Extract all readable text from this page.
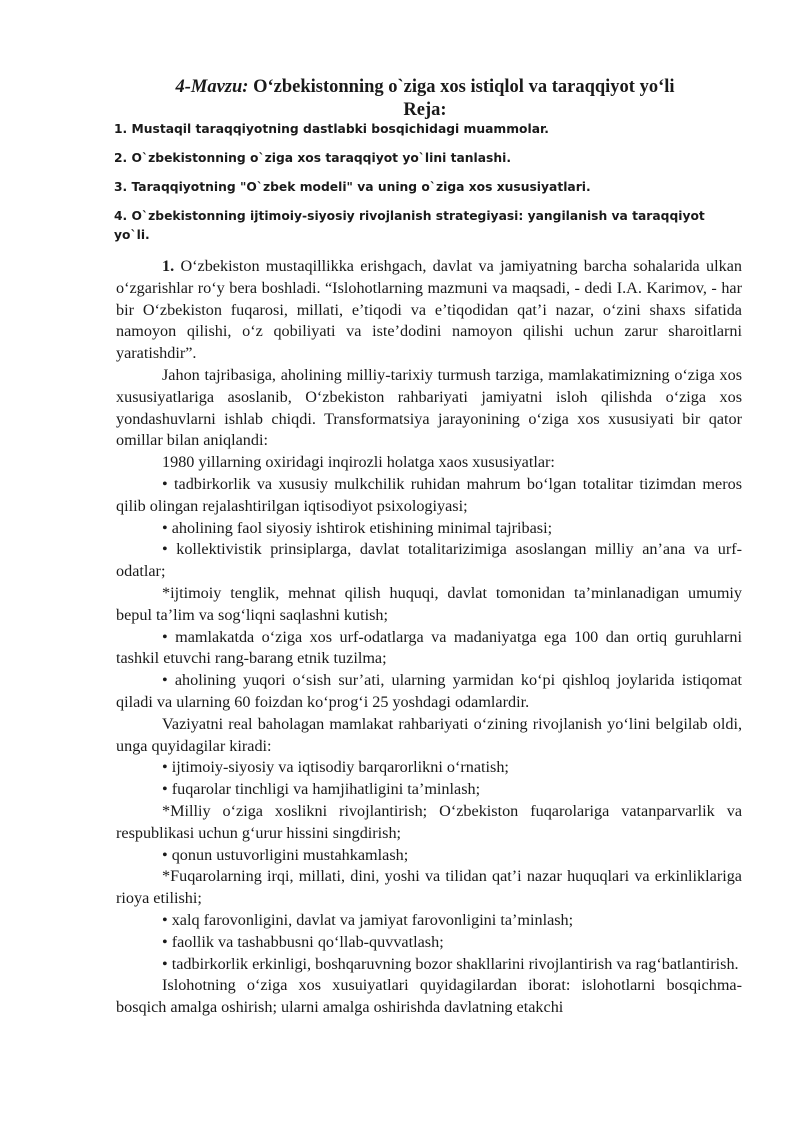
4-Mavzu: O‘zbekistonning o`ziga xos istiqlol va taraqqiyot yo‘li
Reja:
1. Mustaqil taraqqiyotning dastlabki bosqichidagi muammolar.
2. O`zbekistonning o`ziga xos taraqqiyot yo`lini tanlashi.
3. Taraqqiyotning "O`zbek modeli" va uning o`ziga xos xususiyatlari.
4. O`zbekistonning ijtimoiy-siyosiy rivojlanish strategiyasi: yangilanish va taraqqiyot yo`li.

1. O‘zbekiston mustaqillikka erishgach, davlat va jamiyatning barcha sohalarida ulkan o‘zgarishlar ro‘y bera boshladi. “Islohotlarning mazmuni va maqsadi, - dedi I.A. Karimov, - har bir O‘zbekiston fuqarosi, millati, e’tiqodi va e’tiqodidan qat’i nazar, o‘zini shaxs sifatida namoyon qilishi, o‘z qobiliyati va iste’dodini namoyon qilishi uchun zarur sharoitlarni yaratishdir”.

Jahon tajribasiga, aholining milliy-tarixiy turmush tarziga, mamlakatimizning o‘ziga xos xususiyatlariga asoslanib, O‘zbekiston rahbariyati jamiyatni isloh qilishda o‘ziga xos yondashuvlarni ishlab chiqdi. Transformatsiya jarayonining o‘ziga xos xususiyati bir qator omillar bilan aniqlandi:

1980 yillarning oxiridagi inqirozli holatga xaos xususiyatlar:

• tadbirkorlik va xususiy mulkchilik ruhidan mahrum bo‘lgan totalitar tizimdan meros qilib olingan rejalashtirilgan iqtisodiyot psixologiyasi;

• aholining faol siyosiy ishtirok etishining minimal tajribasi;

• kollektivistik prinsiplarga, davlat totalitarizimiga asoslangan milliy an’ana va urf-odatlar;

*ijtimoiy tenglik, mehnat qilish huquqi, davlat tomonidan ta’minlanadigan umumiy bepul ta’lim va sog‘liqni saqlashni kutish;

• mamlakatda o‘ziga xos urf-odatlarga va madaniyatga ega 100 dan ortiq guruhlarni tashkil etuvchi rang-barang etnik tuzilma;

• aholining yuqori o‘sish sur’ati, ularning yarmidan ko‘pi qishloq joylarida istiqomat qiladi va ularning 60 foizdan ko‘prog‘i 25 yoshdagi odamlardir.

Vaziyatni real baholagan mamlakat rahbariyati o‘zining rivojlanish yo‘lini belgilab oldi, unga quyidagilar kiradi:

• ijtimoiy-siyosiy va iqtisodiy barqarorlikni o‘rnatish;

• fuqarolar tinchligi va hamjihatligini ta’minlash;

*Milliy o‘ziga xoslikni rivojlantirish; O‘zbekiston fuqarolariga vatanparvarlik va respublikasi uchun g‘urur hissini singdirish;

• qonun ustuvorligini mustahkamlash;

*Fuqarolarning irqi, millati, dini, yoshi va tilidan qat’i nazar huquqlari va erkinliklariga rioya etilishi;

• xalq farovonligini, davlat va jamiyat farovonligini ta’minlash;

• faollik va tashabbusni qo‘llab-quvvatlash;

• tadbirkorlik erkinligi, boshqaruvning bozor shakllarini rivojlantirish va rag‘batlantirish.

Islohotning o‘ziga xos xusuiyatlari quyidagilardan iborat: islohotlarni bosqichma-bosqich amalga oshirish; ularni amalga oshirishda davlatning etakchi
